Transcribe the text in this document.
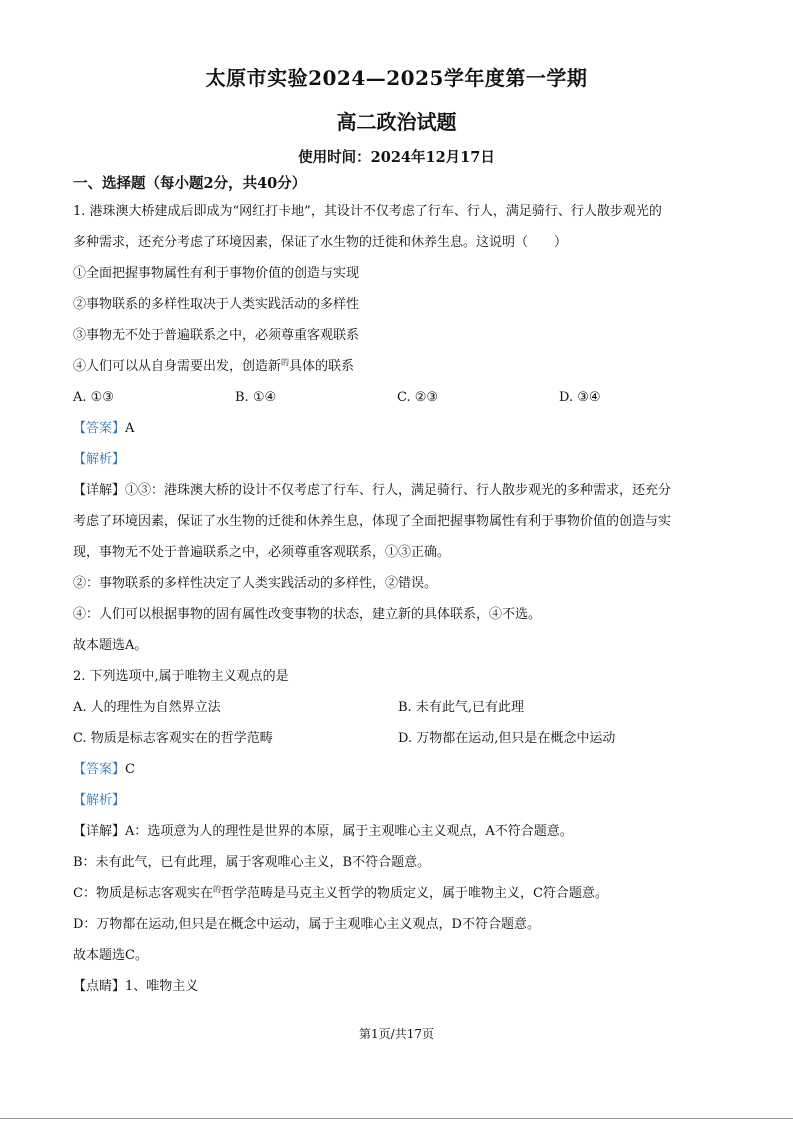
太原市实验2024—2025学年度第一学期
高二政治试题
使用时间：2024年12月17日
一、选择题（每小题2分，共40分）
1. 港珠澳大桥建成后即成为“网红打卡地”，其设计不仅考虑了行车、行人，满足骑行、行人散步观光的
多种需求，还充分考虑了环境因素，保证了水生物的迁徙和休养生息。这说明（　　）
①全面把握事物属性有利于事物价值的创造与实现
②事物联系的多样性取决于人类实践活动的多样性
③事物无不处于普遍联系之中，必须尊重客观联系
④人们可以从自身需要出发，创造新$^的$具体的联系
A. ①③	B. ①④	C. ②③	D. ③④
【答案】A
【解析】
【详解】①③：港珠澳大桥的设计不仅考虑了行车、行人，满足骑行、行人散步观光的多种需求，还充分
考虑了环境因素，保证了水生物的迁徙和休养生息，体现了全面把握事物属性有利于事物价值的创造与实
现，事物无不处于普遍联系之中，必须尊重客观联系，①③正确。
②：事物联系的多样性决定了人类实践活动的多样性，②错误。
④：人们可以根据事物的固有属性改变事物的状态，建立新的具体联系，④不选。
故本题选A。
2. 下列选项中,属于唯物主义观点的是
A. 人的理性为自然界立法	B. 未有此气,已有此理
C. 物质是标志客观实在的哲学范畴	D. 万物都在运动,但只是在概念中运动
【答案】C
【解析】
【详解】A：选项意为人的理性是世界的本原，属于主观唯心主义观点，A不符合题意。
B：未有此气，已有此理，属于客观唯心主义，B不符合题意。
C：物质是标志客观实在$^的$哲学范畴是马克主义哲学的物质定义，属于唯物主义，C符合题意。
D：万物都在运动,但只是在概念中运动，属于主观唯心主义观点，D不符合题意。
故本题选C。
【点睛】1、唯物主义
第1页/共17页
